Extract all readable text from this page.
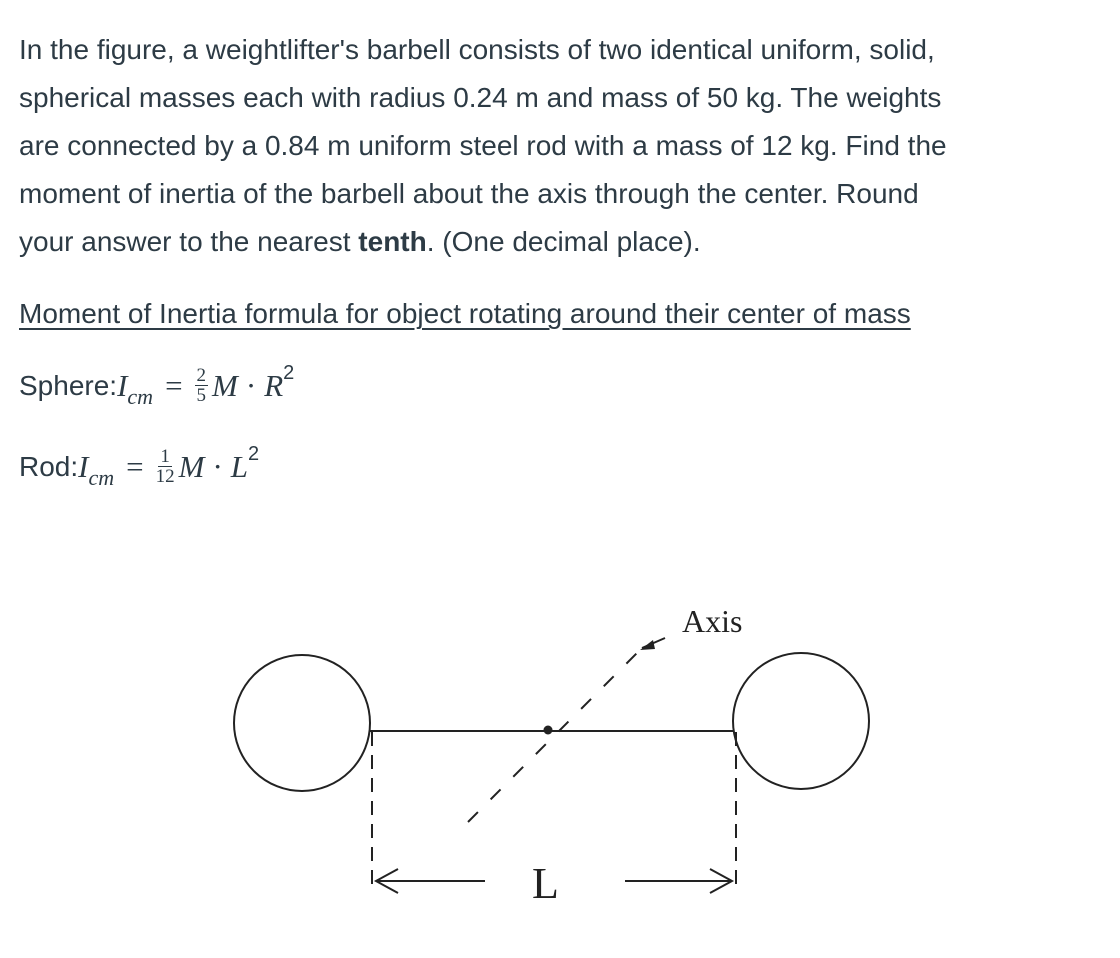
In the figure, a weightlifter's barbell consists of two identical uniform, solid,
spherical masses each with radius 0.24 m and mass of 50 kg. The weights
are connected by a 0.84 m uniform steel rod with a mass of 12 kg. Find the
moment of inertia of the barbell about the axis through the center. Round
your answer to the nearest tenth. (One decimal place).
Moment of Inertia formula for object rotating around their center of mass
Sphere: $I_{cm} = \frac{2}{5}$ M · R 2
Rod: $I_{cm} = \frac{1}{12}$ M · L 2
Axis
L
